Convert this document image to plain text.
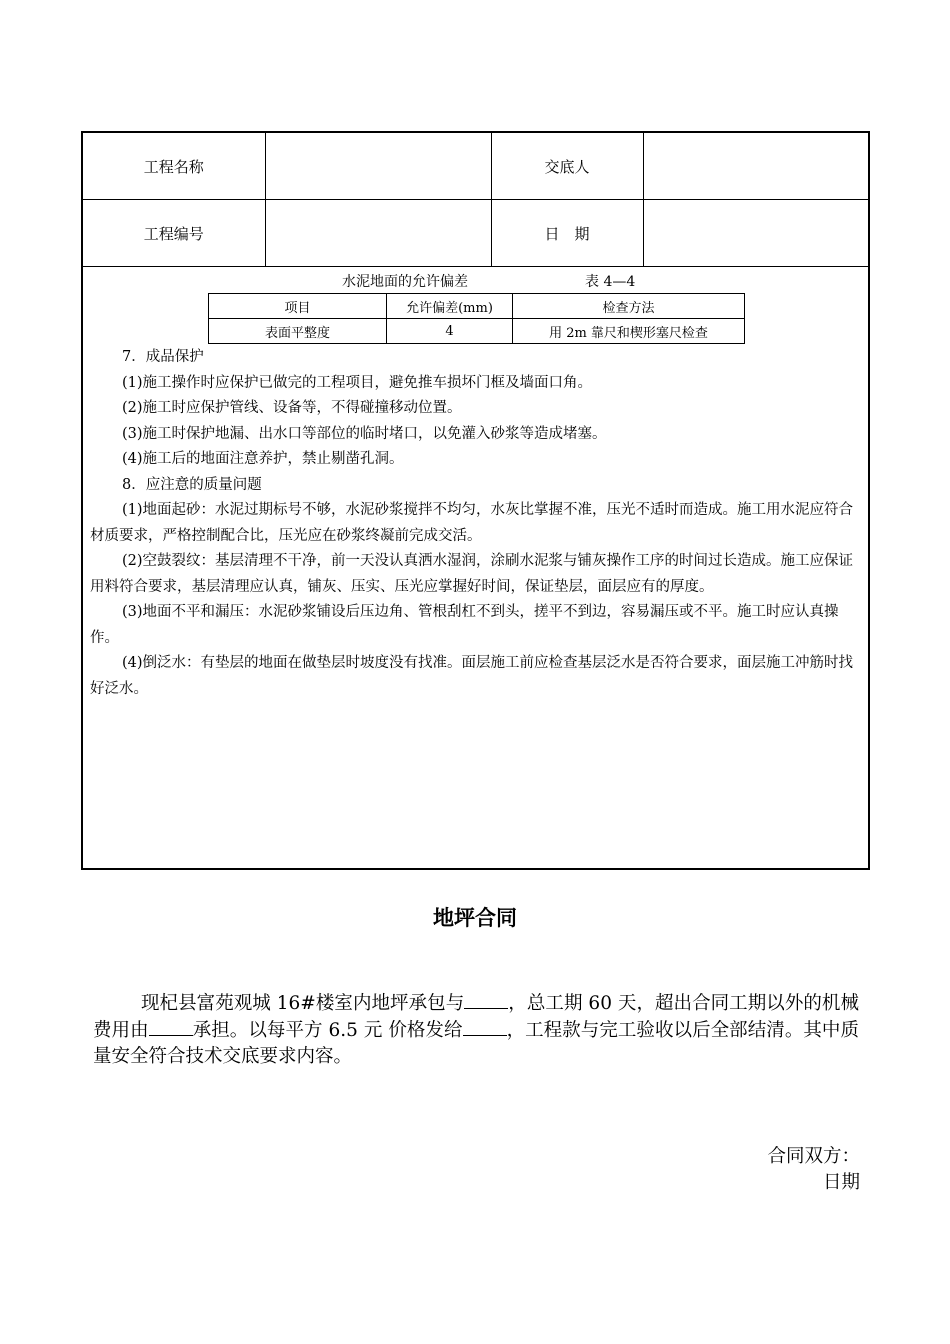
工程名称		交底人	
工程编号		日　期	
水泥地面的允许偏差	表 4—4
项目	允许偏差(mm)	检查方法
表面平整度	4	用 2m 靠尺和楔形塞尺检查

7．成品保护

(1)施工操作时应保护已做完的工程项目，避免推车损坏门框及墙面口角。

(2)施工时应保护管线、设备等，不得碰撞移动位置。

(3)施工时保护地漏、出水口等部位的临时堵口，以免灌入砂浆等造成堵塞。

(4)施工后的地面注意养护，禁止剔凿孔洞。

8．应注意的质量问题

(1)地面起砂：水泥过期标号不够，水泥砂浆搅拌不均匀，水灰比掌握不准，压光不适时而造成。施工用水泥应符合材质要求，严格控制配合比，压光应在砂浆终凝前完成交活。

(2)空鼓裂纹：基层清理不干净，前一天没认真洒水湿润，涂刷水泥浆与铺灰操作工序的时间过长造成。施工应保证用料符合要求，基层清理应认真，铺灰、压实、压光应掌握好时间，保证垫层，面层应有的厚度。

(3)地面不平和漏压：水泥砂浆铺设后压边角、管根刮杠不到头，搓平不到边，容易漏压或不平。施工时应认真操作。

(4)倒泛水：有垫层的地面在做垫层时坡度没有找准。面层施工前应检查基层泛水是否符合要求，面层施工冲筋时找好泛水。

地坪合同

现杞县富苑观城 16#楼室内地坪承包与 ，总工期 60 天，超出合同工期以外的机械费用由 承担。以每平方 6.5 元 价格发给 ，工程款与完工验收以后全部结清。其中质量安全符合技术交底要求内容。

合同双方：
日期
